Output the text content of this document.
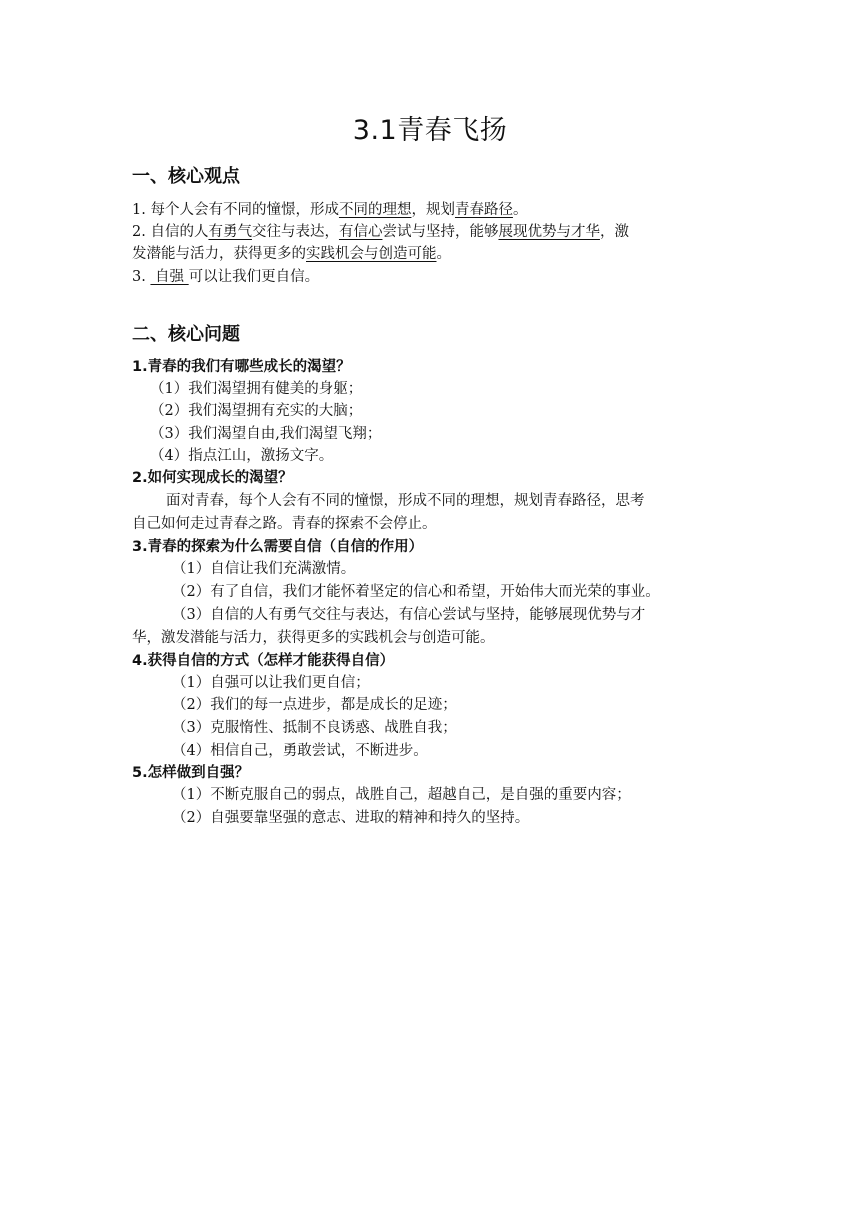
3.1青春飞扬
一、核心观点
1. 每个人会有不同的憧憬，形成不同的理想，规划青春路径。
2. 自信的人有勇气交往与表达，有信心尝试与坚持，能够展现优势与才华，激
发潜能与活力，获得更多的实践机会与创造可能。
3.  自强 可以让我们更自信。
二、核心问题
1.青春的我们有哪些成长的渴望？
（1）我们渴望拥有健美的身躯；
（2）我们渴望拥有充实的大脑；
（3）我们渴望自由,我们渴望飞翔；
（4）指点江山，激扬文字。
2.如何实现成长的渴望？
面对青春，每个人会有不同的憧憬，形成不同的理想，规划青春路径，思考
自己如何走过青春之路。青春的探索不会停止。
3.青春的探索为什么需要自信（自信的作用）
（1）自信让我们充满激情。
（2）有了自信，我们才能怀着坚定的信心和希望，开始伟大而光荣的事业。
（3）自信的人有勇气交往与表达，有信心尝试与坚持，能够展现优势与才
华，激发潜能与活力，获得更多的实践机会与创造可能。
4.获得自信的方式（怎样才能获得自信）
（1）自强可以让我们更自信；
（2）我们的每一点进步，都是成长的足迹；
（3）克服惰性、抵制不良诱惑、战胜自我；
（4）相信自己，勇敢尝试，不断进步。
5.怎样做到自强？
（1）不断克服自己的弱点，战胜自己，超越自己，是自强的重要内容；
（2）自强要靠坚强的意志、进取的精神和持久的坚持。
